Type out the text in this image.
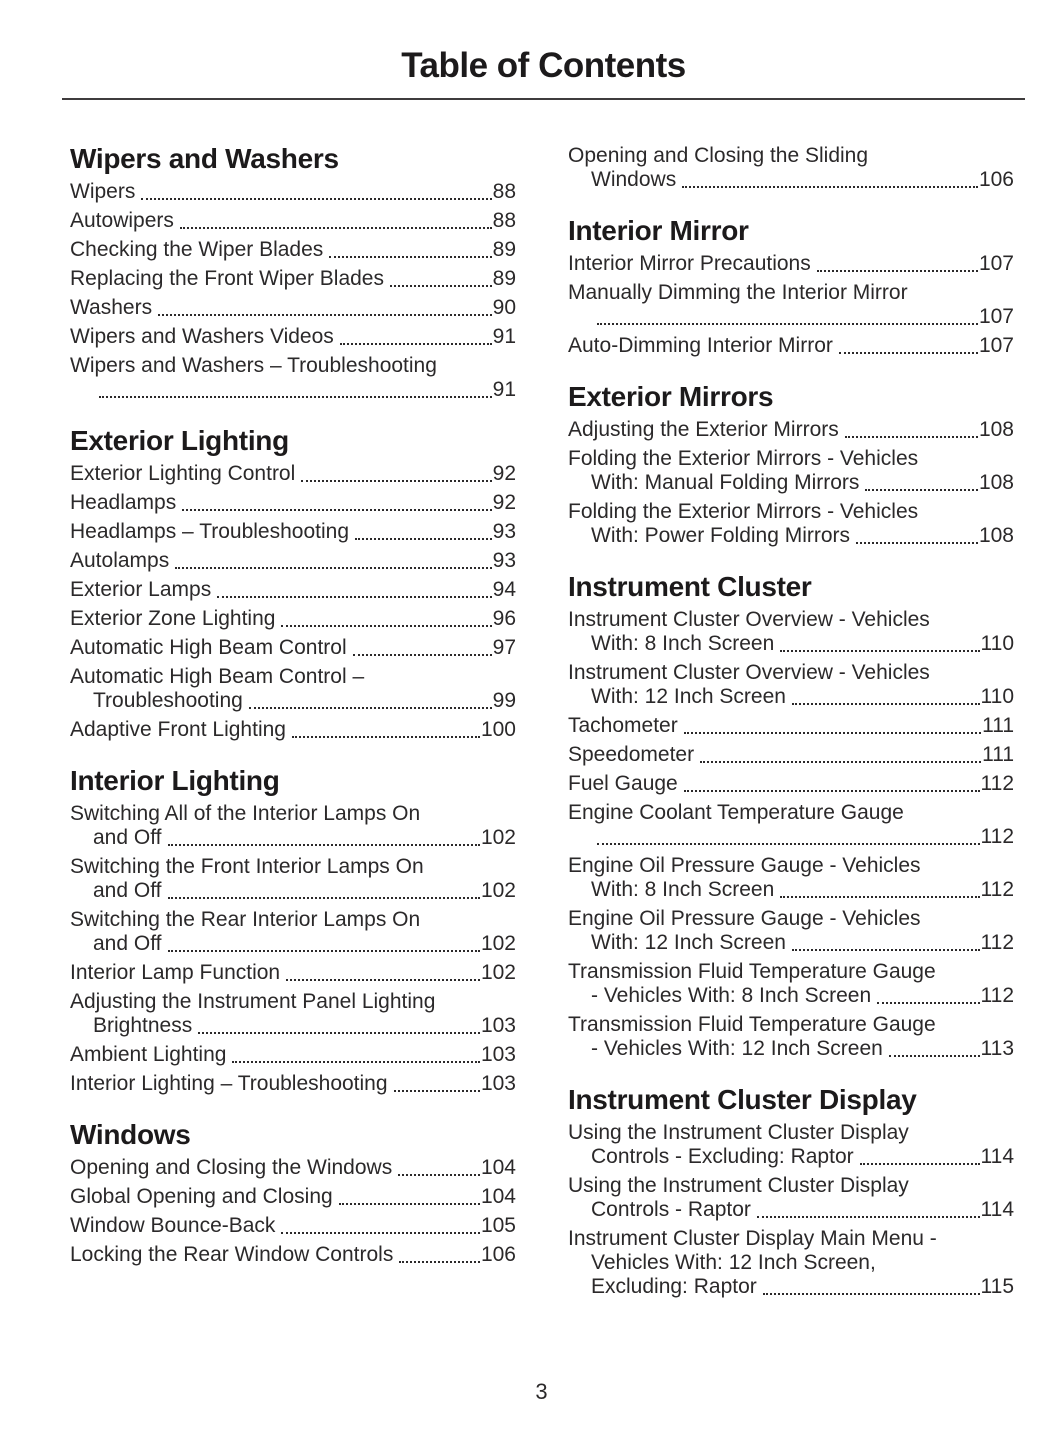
Table of Contents
Wipers and Washers
Wipers	88
Autowipers	88
Checking the Wiper Blades	89
Replacing the Front Wiper Blades	89
Washers	90
Wipers and Washers Videos	91
Wipers and Washers – Troubleshooting
91
Exterior Lighting
Exterior Lighting Control	92
Headlamps	92
Headlamps – Troubleshooting	93
Autolamps	93
Exterior Lamps	94
Exterior Zone Lighting	96
Automatic High Beam Control	97
Automatic High Beam Control –
Troubleshooting	99
Adaptive Front Lighting	100
Interior Lighting
Switching All of the Interior Lamps On
and Off	102
Switching the Front Interior Lamps On
and Off	102
Switching the Rear Interior Lamps On
and Off	102
Interior Lamp Function	102
Adjusting the Instrument Panel Lighting
Brightness	103
Ambient Lighting	103
Interior Lighting – Troubleshooting	103
Windows
Opening and Closing the Windows	104
Global Opening and Closing	104
Window Bounce-Back	105
Locking the Rear Window Controls	106
Opening and Closing the Sliding
Windows	106
Interior Mirror
Interior Mirror Precautions	107
Manually Dimming the Interior Mirror
107
Auto-Dimming Interior Mirror	107
Exterior Mirrors
Adjusting the Exterior Mirrors	108
Folding the Exterior Mirrors - Vehicles
With: Manual Folding Mirrors	108
Folding the Exterior Mirrors - Vehicles
With: Power Folding Mirrors	108
Instrument Cluster
Instrument Cluster Overview - Vehicles
With: 8 Inch Screen	110
Instrument Cluster Overview - Vehicles
With: 12 Inch Screen	110
Tachometer	111
Speedometer	111
Fuel Gauge	112
Engine Coolant Temperature Gauge
112
Engine Oil Pressure Gauge - Vehicles
With: 8 Inch Screen	112
Engine Oil Pressure Gauge - Vehicles
With: 12 Inch Screen	112
Transmission Fluid Temperature Gauge
- Vehicles With: 8 Inch Screen	112
Transmission Fluid Temperature Gauge
- Vehicles With: 12 Inch Screen	113
Instrument Cluster Display
Using the Instrument Cluster Display
Controls - Excluding: Raptor	114
Using the Instrument Cluster Display
Controls - Raptor	114
Instrument Cluster Display Main Menu -
Vehicles With: 12 Inch Screen,
Excluding: Raptor	115
3
